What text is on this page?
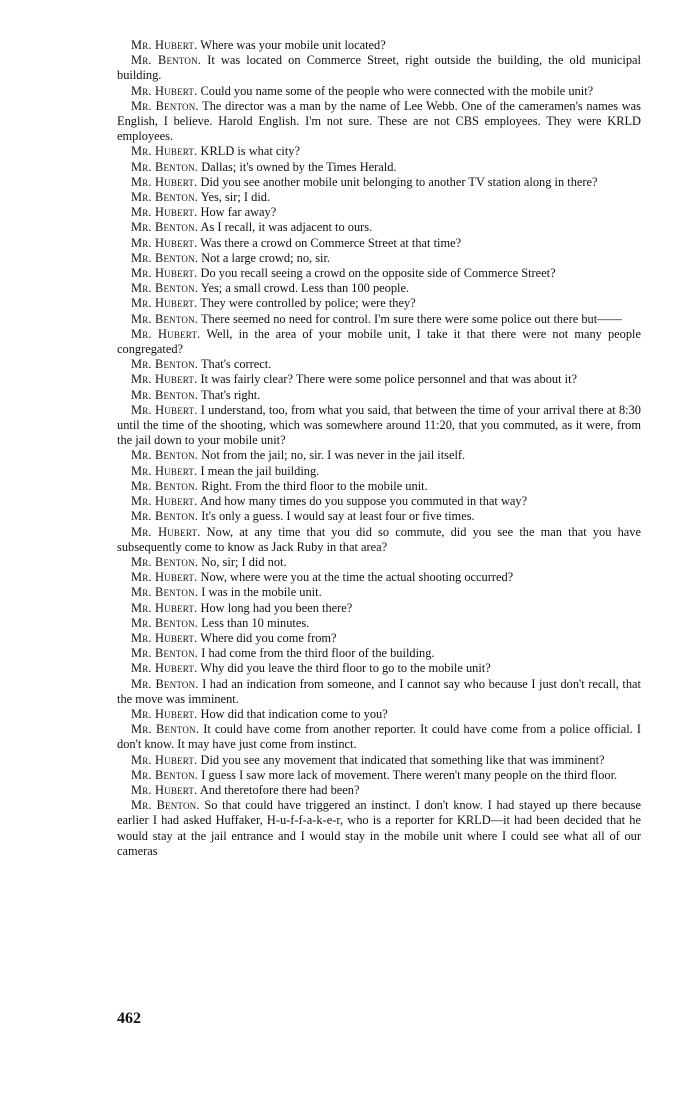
Mr. Hubert. Where was your mobile unit located?

Mr. Benton. It was located on Commerce Street, right outside the building, the old municipal building.

Mr. Hubert. Could you name some of the people who were connected with the mobile unit?

Mr. Benton. The director was a man by the name of Lee Webb. One of the cameramen's names was English, I believe. Harold English. I'm not sure. These are not CBS employees. They were KRLD employees.

Mr. Hubert. KRLD is what city?

Mr. Benton. Dallas; it's owned by the Times Herald.

Mr. Hubert. Did you see another mobile unit belonging to another TV station along in there?

Mr. Benton. Yes, sir; I did.

Mr. Hubert. How far away?

Mr. Benton. As I recall, it was adjacent to ours.

Mr. Hubert. Was there a crowd on Commerce Street at that time?

Mr. Benton. Not a large crowd; no, sir.

Mr. Hubert. Do you recall seeing a crowd on the opposite side of Commerce Street?

Mr. Benton. Yes; a small crowd. Less than 100 people.

Mr. Hubert. They were controlled by police; were they?

Mr. Benton. There seemed no need for control. I'm sure there were some police out there but——

Mr. Hubert. Well, in the area of your mobile unit, I take it that there were not many people congregated?

Mr. Benton. That's correct.

Mr. Hubert. It was fairly clear? There were some police personnel and that was about it?

Mr. Benton. That's right.

Mr. Hubert. I understand, too, from what you said, that between the time of your arrival there at 8:30 until the time of the shooting, which was somewhere around 11:20, that you commuted, as it were, from the jail down to your mobile unit?

Mr. Benton. Not from the jail; no, sir. I was never in the jail itself.

Mr. Hubert. I mean the jail building.

Mr. Benton. Right. From the third floor to the mobile unit.

Mr. Hubert. And how many times do you suppose you commuted in that way?

Mr. Benton. It's only a guess. I would say at least four or five times.

Mr. Hubert. Now, at any time that you did so commute, did you see the man that you have subsequently come to know as Jack Ruby in that area?

Mr. Benton. No, sir; I did not.

Mr. Hubert. Now, where were you at the time the actual shooting occurred?

Mr. Benton. I was in the mobile unit.

Mr. Hubert. How long had you been there?

Mr. Benton. Less than 10 minutes.

Mr. Hubert. Where did you come from?

Mr. Benton. I had come from the third floor of the building.

Mr. Hubert. Why did you leave the third floor to go to the mobile unit?

Mr. Benton. I had an indication from someone, and I cannot say who because I just don't recall, that the move was imminent.

Mr. Hubert. How did that indication come to you?

Mr. Benton. It could have come from another reporter. It could have come from a police official. I don't know. It may have just come from instinct.

Mr. Hubert. Did you see any movement that indicated that something like that was imminent?

Mr. Benton. I guess I saw more lack of movement. There weren't many people on the third floor.

Mr. Hubert. And theretofore there had been?

Mr. Benton. So that could have triggered an instinct. I don't know. I had stayed up there because earlier I had asked Huffaker, H-u-f-f-a-k-e-r, who is a reporter for KRLD—it had been decided that he would stay at the jail entrance and I would stay in the mobile unit where I could see what all of our cameras

462
